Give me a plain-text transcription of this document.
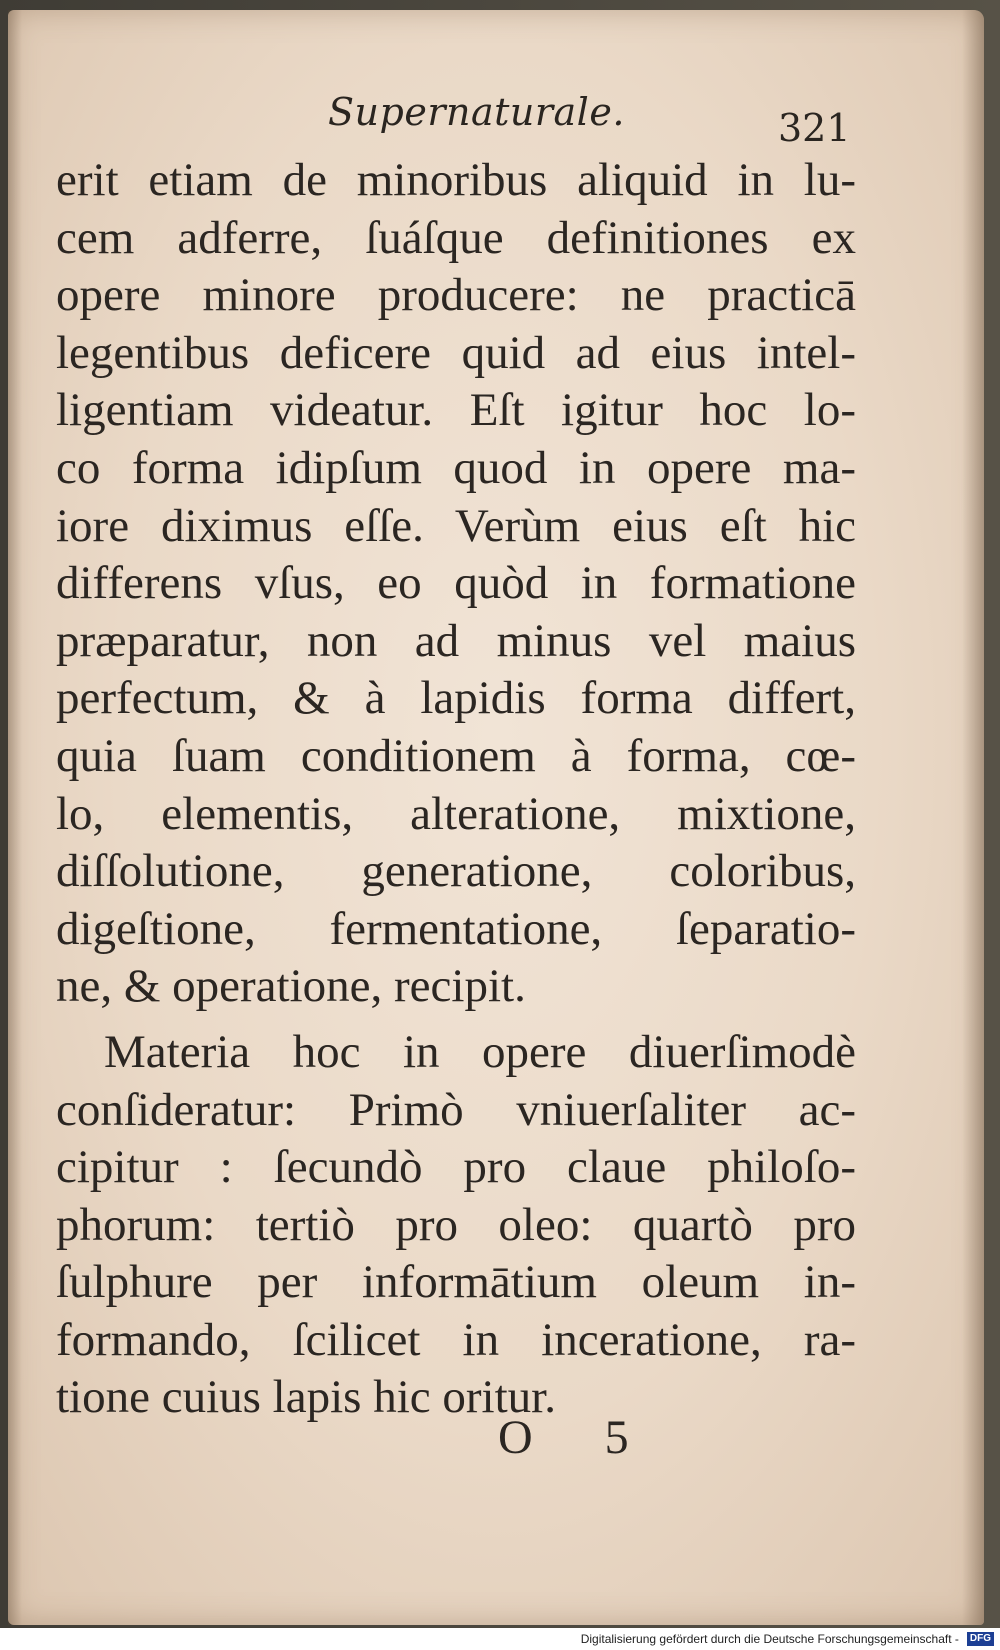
Supernaturale.	321
erit etiam de minoribus aliquid in lu-
cem adferre, ſuáſque definitiones ex
opere minore producere: ne practicā
legentibus deficere quid ad eius intel-
ligentiam videatur. Eſt igitur hoc lo-
co forma idipſum quod in opere ma-
iore diximus eſſe. Verùm eius eſt hic
differens vſus, eo quòd in formatione
præparatur, non ad minus vel maius
perfectum, & à lapidis forma differt,
quia ſuam conditionem à forma, cœ-
lo, elementis, alteratione, mixtione,
diſſolutione, generatione, coloribus,
digeſtione, fermentatione, ſeparatio-
ne, & operatione, recipit.
Materia hoc in opere diuerſimodè
conſideratur: Primò vniuerſaliter ac-
cipitur : ſecundò pro claue philoſo-
phorum: tertiò pro oleo: quartò pro
ſulphure per informātium oleum in-
formando, ſcilicet in inceratione, ra-
tione cuius lapis hic oritur.
O 5
Digitalisierung gefördert durch die Deutsche Forschungsgemeinschaft - DFG
